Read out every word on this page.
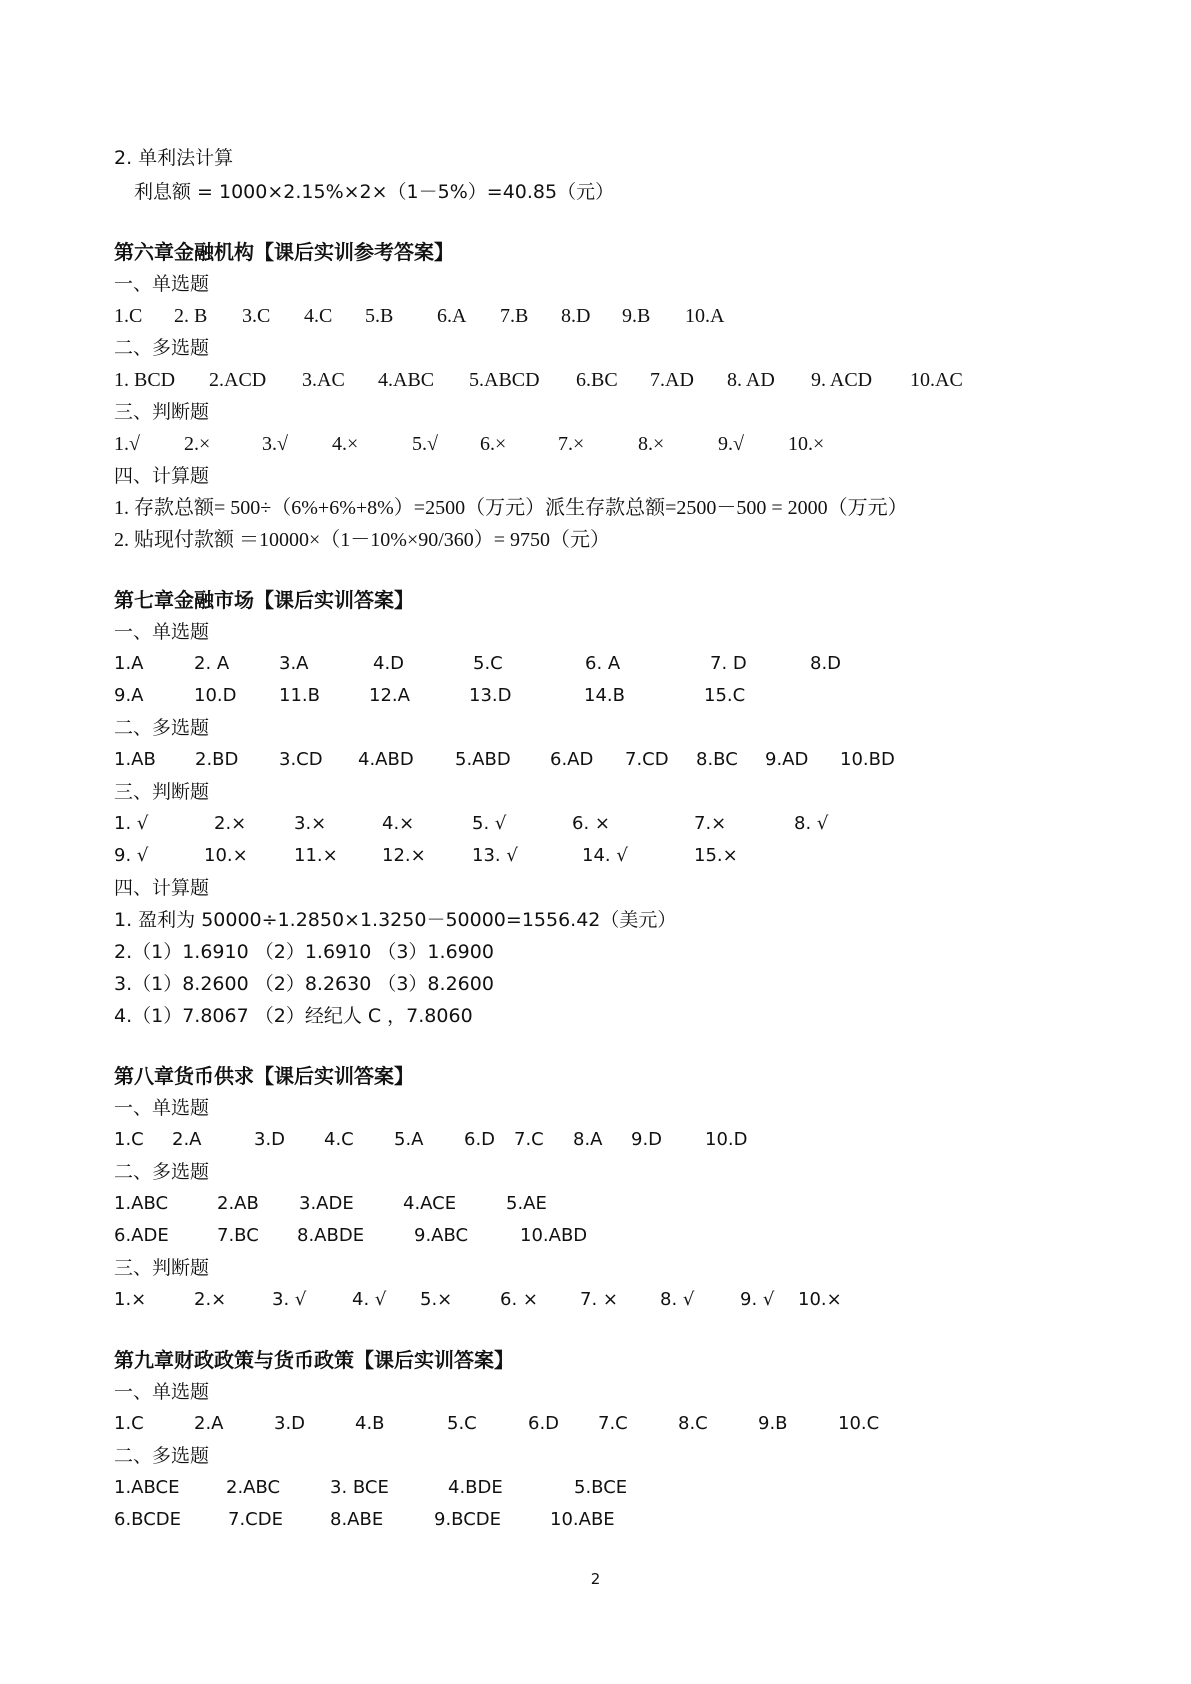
2. 单利法计算
利息额 = 1000×2.15%×2×（1－5%）=40.85（元）
第六章金融机构【课后实训参考答案】
一、单选题
1.C 2. B 3.C 4.C 5.B 6.A 7.B 8.D 9.B 10.A
二、多选题
1. BCD 2.ACD 3.AC 4.ABC 5.ABCD 6.BC 7.AD 8. AD 9. ACD 10.AC
三、判断题
1.√ 2.×	3.√ 4.×	5.√ 6.×	7.×	8.×	9.√ 10.×
四、计算题
1. 存款总额= 500÷（6%+6%+8%）=2500（万元）派生存款总额=2500－500 = 2000（万元）
2. 贴现付款额 ＝10000×（1－10%×90/360）= 9750（元）
第七章金融市场【课后实训答案】
一、单选题
1.A	2. A	3.A	4.D	5.C	6. A	7. D	8.D
9.A	10.D 11.B	12.A	13.D	14.B	15.C
二、多选题
1.AB 2.BD 3.CD 4.ABD 5.ABD 6.AD 7.CD 8.BC 9.AD 10.BD
三、判断题
1. √	2.×	3.×	4.×	5. √	6. ×	7.×	8. √
9. √	10.×	11.× 12.×	13. √	14. √	15.×
四、计算题
1. 盈利为 50000÷1.2850×1.3250－50000=1556.42（美元）
2.（1）1.6910 （2）1.6910 （3）1.6900
3.（1）8.2600 （2）8.2630 （3）8.2600
4.（1）7.8067 （2）经纪人 C ，7.8060
第八章货币供求【课后实训答案】
一、单选题
1.C 2.A	3.D 4.C 5.A 6.D 7.C 8.A 9.D 10.D
二、多选题
1.ABC	2.AB 3.ADE	4.ACE	5.AE
6.ADE	7.BC 8.ABDE	9.ABC	10.ABD
三、判断题
1.×	2.×	3. √	4. √ 5.×	6. × 7. × 8. √	9. √ 10.×
第九章财政政策与货币政策【课后实训答案】
一、单选题
1.C	2.A	3.D	4.B	5.C	6.D 7.C	8.C	9.B	10.C
二、多选题
1.ABCE	2.ABC	3. BCE	4.BDE	5.BCE
6.BCDE	7.CDE	8.ABE	9.BCDE	10.ABE
2
